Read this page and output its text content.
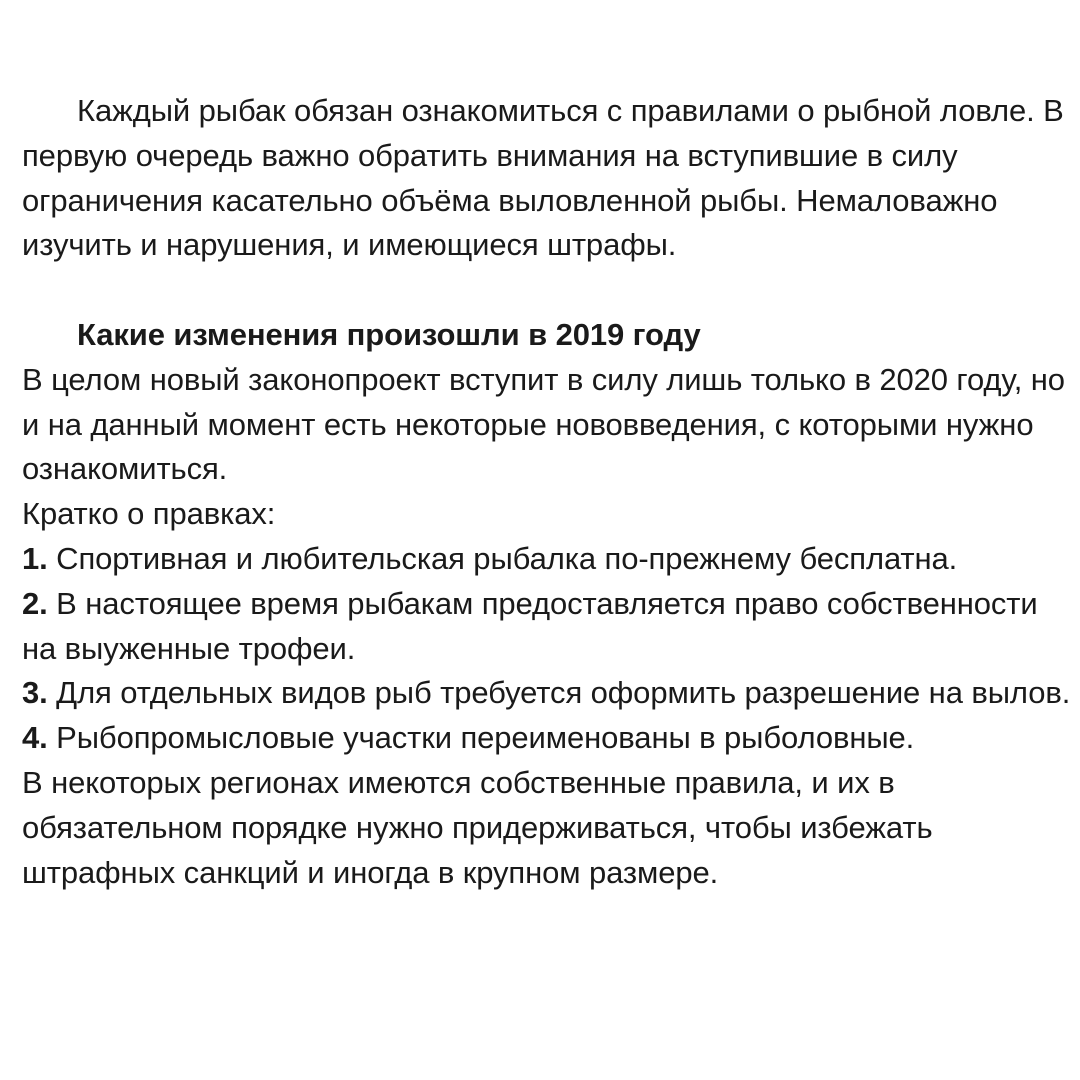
Каждый рыбак обязан ознакомиться с правилами о рыбной ловле. В первую очередь важно обратить внимания на вступившие в силу ограничения касательно объёма выловленной рыбы. Немаловажно изучить и нарушения, и имеющиеся штрафы.

Какие изменения произошли в 2019 году

В целом новый законопроект вступит в силу лишь только в 2020 году, но и на данный момент есть некоторые нововведения, с которыми нужно ознакомиться.

Кратко о правках:

1. Спортивная и любительская рыбалка по-прежнему бесплатна.

2. В настоящее время рыбакам предоставляется право собственности на выуженные трофеи.

3. Для отдельных видов рыб требуется оформить разрешение на вылов.

4. Рыбопромысловые участки переименованы в рыболовные.

В некоторых регионах имеются собственные правила, и их в обязательном порядке нужно придерживаться, чтобы избежать штрафных санкций и иногда в крупном размере.
